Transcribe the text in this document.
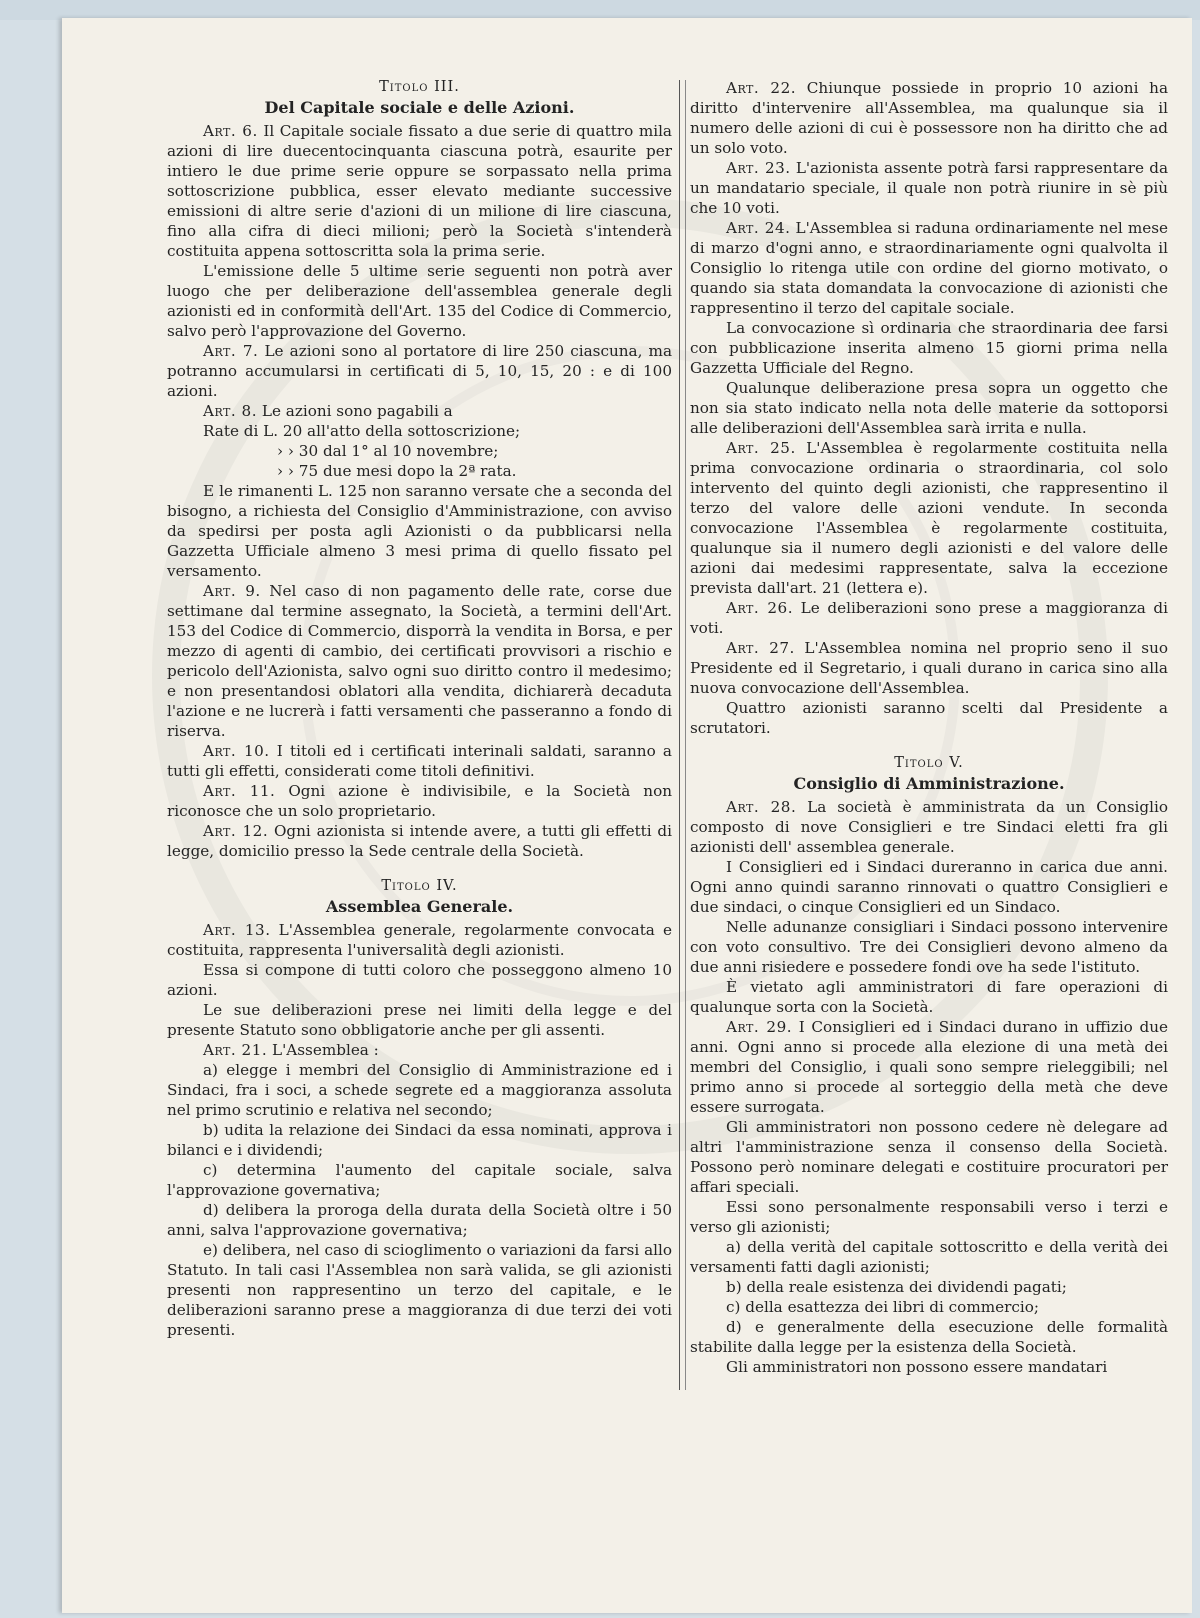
Titolo III.
Del Capitale sociale e delle Azioni.

Art. 6. Il Capitale sociale fissato a due serie di quattro mila azioni di lire duecentocinquanta ciascuna potrà, esaurite per intiero le due prime serie oppure se sorpassato nella prima sottoscrizione pubblica, esser elevato mediante successive emissioni di altre serie d'azioni di un milione di lire ciascuna, fino alla cifra di dieci milioni; però la Società s'intenderà costituita appena sottoscritta sola la prima serie.

L'emissione delle 5 ultime serie seguenti non potrà aver luogo che per deliberazione dell'assemblea generale degli azionisti ed in conformità dell'Art. 135 del Codice di Commercio, salvo però l'approvazione del Governo.

Art. 7. Le azioni sono al portatore di lire 250 ciascuna, ma potranno accumularsi in certificati di 5, 10, 15, 20 : e di 100 azioni.

Art. 8. Le azioni sono pagabili a

Rate di L. 20 all'atto della sottoscrizione;

› › 30 dal 1° al 10 novembre;

› › 75 due mesi dopo la 2ª rata.

E le rimanenti L. 125 non saranno versate che a seconda del bisogno, a richiesta del Consiglio d'Amministrazione, con avviso da spedirsi per posta agli Azionisti o da pubblicarsi nella Gazzetta Ufficiale almeno 3 mesi prima di quello fissato pel versamento.

Art. 9. Nel caso di non pagamento delle rate, corse due settimane dal termine assegnato, la Società, a termini dell'Art. 153 del Codice di Commercio, disporrà la vendita in Borsa, e per mezzo di agenti di cambio, dei certificati provvisori a rischio e pericolo dell'Azionista, salvo ogni suo diritto contro il medesimo; e non presentandosi oblatori alla vendita, dichiarerà decaduta l'azione e ne lucrerà i fatti versamenti che passeranno a fondo di riserva.

Art. 10. I titoli ed i certificati interinali saldati, saranno a tutti gli effetti, considerati come titoli definitivi.

Art. 11. Ogni azione è indivisibile, e la Società non riconosce che un solo proprietario.

Art. 12. Ogni azionista si intende avere, a tutti gli effetti di legge, domicilio presso la Sede centrale della Società.

Titolo IV.
Assemblea Generale.

Art. 13. L'Assemblea generale, regolarmente convocata e costituita, rappresenta l'universalità degli azionisti.

Essa si compone di tutti coloro che posseggono almeno 10 azioni.

Le sue deliberazioni prese nei limiti della legge e del presente Statuto sono obbligatorie anche per gli assenti.

Art. 21. L'Assemblea :

a) elegge i membri del Consiglio di Amministrazione ed i Sindaci, fra i soci, a schede segrete ed a maggioranza assoluta nel primo scrutinio e relativa nel secondo;

b) udita la relazione dei Sindaci da essa nominati, approva i bilanci e i dividendi;

c) determina l'aumento del capitale sociale, salva l'approvazione governativa;

d) delibera la proroga della durata della Società oltre i 50 anni, salva l'approvazione governativa;

e) delibera, nel caso di scioglimento o variazioni da farsi allo Statuto. In tali casi l'Assemblea non sarà valida, se gli azionisti presenti non rappresentino un terzo del capitale, e le deliberazioni saranno prese a maggioranza di due terzi dei voti presenti.

Art. 22. Chiunque possiede in proprio 10 azioni ha diritto d'intervenire all'Assemblea, ma qualunque sia il numero delle azioni di cui è possessore non ha diritto che ad un solo voto.

Art. 23. L'azionista assente potrà farsi rappresentare da un mandatario speciale, il quale non potrà riunire in sè più che 10 voti.

Art. 24. L'Assemblea si raduna ordinariamente nel mese di marzo d'ogni anno, e straordinariamente ogni qualvolta il Consiglio lo ritenga utile con ordine del giorno motivato, o quando sia stata domandata la convocazione di azionisti che rappresentino il terzo del capitale sociale.

La convocazione sì ordinaria che straordinaria dee farsi con pubblicazione inserita almeno 15 giorni prima nella Gazzetta Ufficiale del Regno.

Qualunque deliberazione presa sopra un oggetto che non sia stato indicato nella nota delle materie da sottoporsi alle deliberazioni dell'Assemblea sarà irrita e nulla.

Art. 25. L'Assemblea è regolarmente costituita nella prima convocazione ordinaria o straordinaria, col solo intervento del quinto degli azionisti, che rappresentino il terzo del valore delle azioni vendute. In seconda convocazione l'Assemblea è regolarmente costituita, qualunque sia il numero degli azionisti e del valore delle azioni dai medesimi rappresentate, salva la eccezione prevista dall'art. 21 (lettera e).

Art. 26. Le deliberazioni sono prese a maggioranza di voti.

Art. 27. L'Assemblea nomina nel proprio seno il suo Presidente ed il Segretario, i quali durano in carica sino alla nuova convocazione dell'Assemblea.

Quattro azionisti saranno scelti dal Presidente a scrutatori.

Titolo V.
Consiglio di Amministrazione.

Art. 28. La società è amministrata da un Consiglio composto di nove Consiglieri e tre Sindaci eletti fra gli azionisti dell' assemblea generale.

I Consiglieri ed i Sindaci dureranno in carica due anni. Ogni anno quindi saranno rinnovati o quattro Consiglieri e due sindaci, o cinque Consiglieri ed un Sindaco.

Nelle adunanze consigliari i Sindaci possono intervenire con voto consultivo. Tre dei Consiglieri devono almeno da due anni risiedere e possedere fondi ove ha sede l'istituto.

È vietato agli amministratori di fare operazioni di qualunque sorta con la Società.

Art. 29. I Consiglieri ed i Sindaci durano in uffizio due anni. Ogni anno si procede alla elezione di una metà dei membri del Consiglio, i quali sono sempre rieleggibili; nel primo anno si procede al sorteggio della metà che deve essere surrogata.

Gli amministratori non possono cedere nè delegare ad altri l'amministrazione senza il consenso della Società. Possono però nominare delegati e costituire procuratori per affari speciali.

Essi sono personalmente responsabili verso i terzi e verso gli azionisti;

a) della verità del capitale sottoscritto e della verità dei versamenti fatti dagli azionisti;

b) della reale esistenza dei dividendi pagati;

c) della esattezza dei libri di commercio;

d) e generalmente della esecuzione delle formalità stabilite dalla legge per la esistenza della Società.

Gli amministratori non possono essere mandatari
